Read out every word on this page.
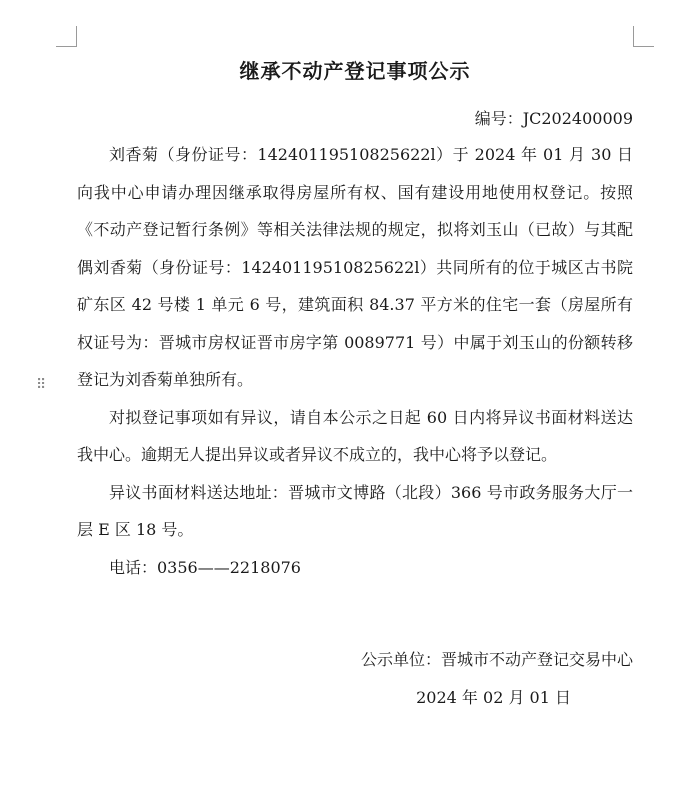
⠿
继承不动产登记事项公示
编号：JC202400009

刘香菊（身份证号：14240119510825622l）于 2024 年 01 月 30 日向我中心申请办理因继承取得房屋所有权、国有建设用地使用权登记。按照《不动产登记暂行条例》等相关法律法规的规定，拟将刘玉山（已故）与其配偶刘香菊（身份证号：14240119510825622l）共同所有的位于城区古书院矿东区 42 号楼 1 单元 6 号，建筑面积 84.37 平方米的住宅一套（房屋所有权证号为：晋城市房权证晋市房字第 0089771 号）中属于刘玉山的份额转移登记为刘香菊单独所有。

对拟登记事项如有异议，请自本公示之日起 60 日内将异议书面材料送达我中心。逾期无人提出异议或者异议不成立的，我中心将予以登记。

异议书面材料送达地址：晋城市文博路（北段）366 号市政务服务大厅一层 E 区 18 号。

电话：0356——2218076

公示单位：晋城市不动产登记交易中心

2024 年 02 月 01 日
